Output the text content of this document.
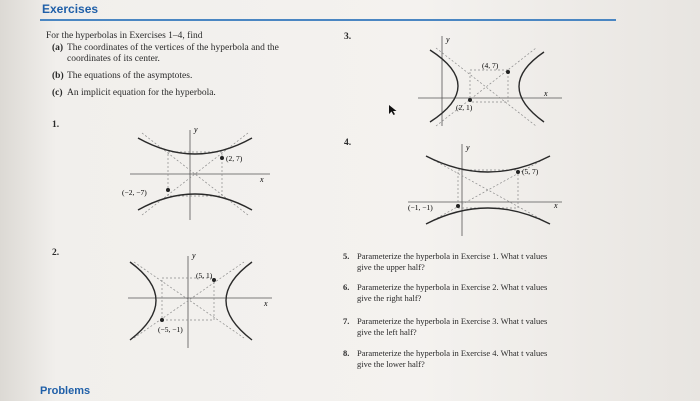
Exercises
For the hyperbolas in Exercises 1–4, find
(a) The coordinates of the vertices of the hyperbola and the
coordinates of its center.
(b) The equations of the asymptotes.
(c) An implicit equation for the hyperbola.
1.
2.
3.
4.
y
x
(2, 7)
(−2, −7)
y
x
(5, 1)
(−5, −1)
y
x
(4, 7)
(2, 1)
y
x
(5, 7)
(−1, −1)
5. Parameterize the hyperbola in Exercise 1. What t values
give the upper half?
6. Parameterize the hyperbola in Exercise 2. What t values
give the right half?
7. Parameterize the hyperbola in Exercise 3. What t values
give the left half?
8. Parameterize the hyperbola in Exercise 4. What t values
give the lower half?
Problems
